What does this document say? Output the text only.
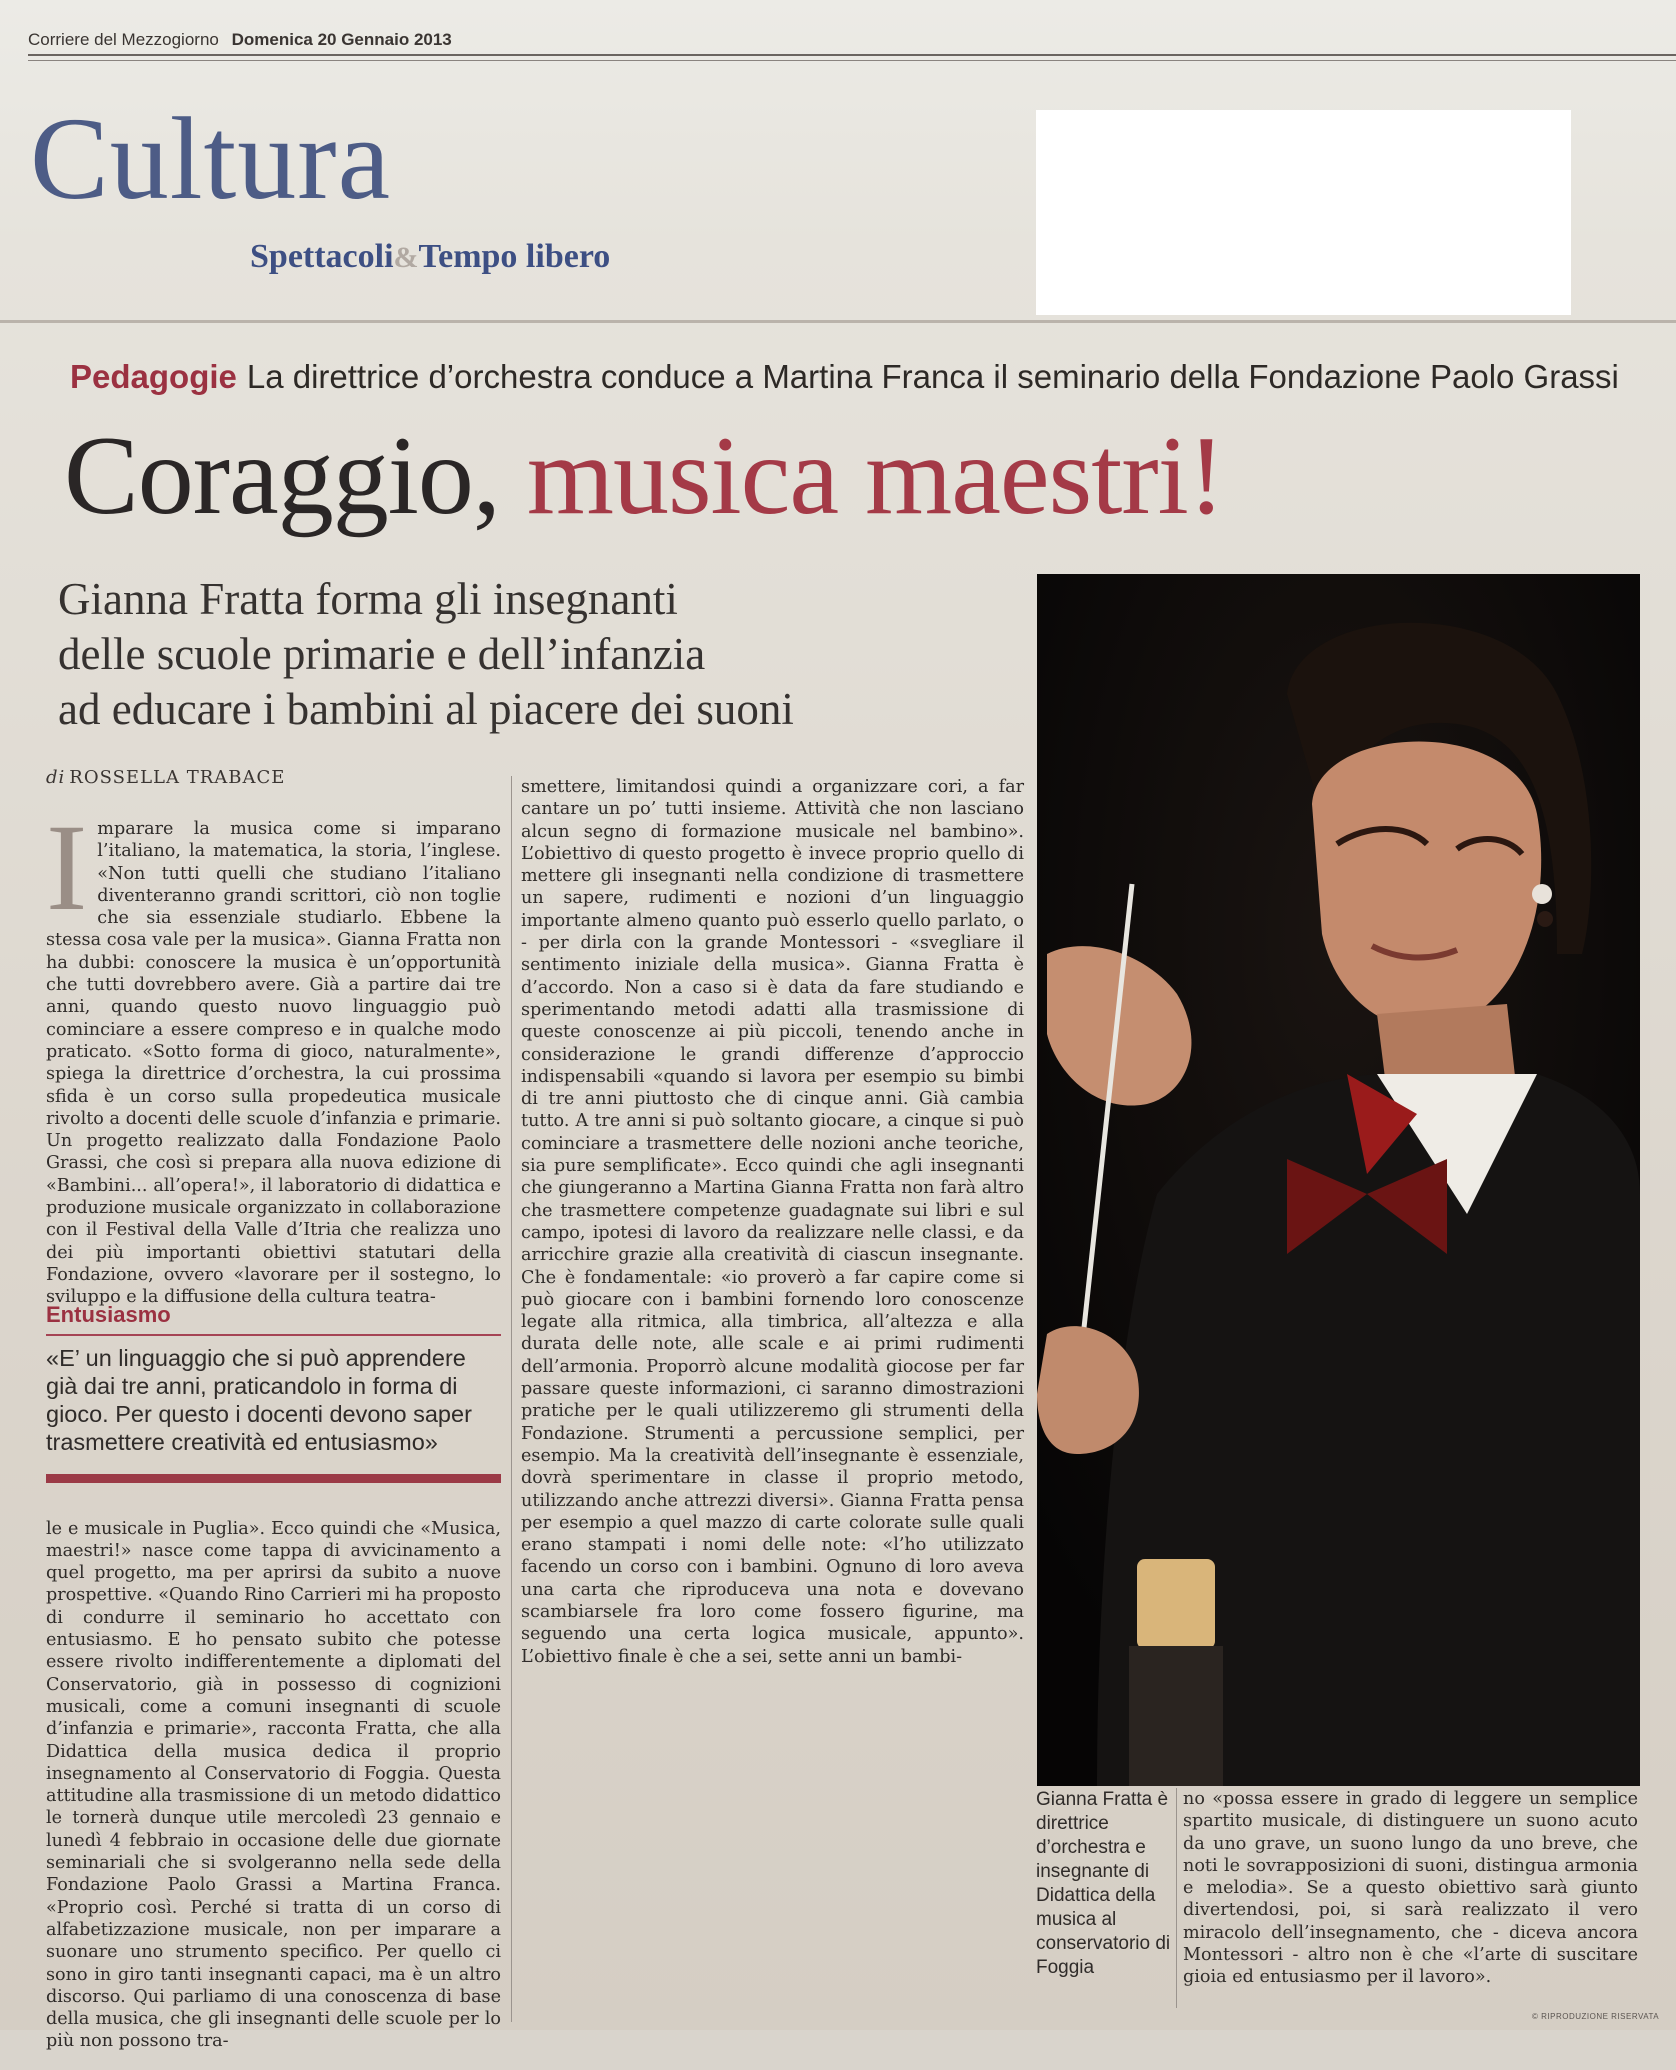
Corriere del Mezzogiorno Domenica 20 Gennaio 2013
Cultura
Spettacoli&Tempo libero
Pedagogie La direttrice d’orchestra conduce a Martina Franca il seminario della Fondazione Paolo Grassi
Coraggio, musica maestri!
Gianna Fratta forma gli insegnanti
delle scuole primarie e dell’infanzia
ad educare i bambini al piacere dei suoni
di ROSSELLA TRABACE
I mparare la musica come si imparano l’italiano, la matematica, la storia, l’inglese. «Non tutti quelli che studiano l’italiano diventeranno grandi scrittori, ciò non toglie che sia essenziale studiarlo. Ebbene la stessa cosa vale per la musica». Gianna Fratta non ha dubbi: conoscere la musica è un’opportunità che tutti dovrebbero avere. Già a partire dai tre anni, quando questo nuovo linguaggio può cominciare a essere compreso e in qualche modo praticato. «Sotto forma di gioco, naturalmente», spiega la direttrice d’orchestra, la cui prossima sfida è un corso sulla propedeutica musicale rivolto a docenti delle scuole d’infanzia e primarie. Un progetto realizzato dalla Fondazione Paolo Grassi, che così si prepara alla nuova edizione di «Bambini... all’opera!», il laboratorio di didattica e produzione musicale organizzato in collaborazione con il Festival della Valle d’Itria che realizza uno dei più importanti obiettivi statutari della Fondazione, ovvero «lavorare per il sostegno, lo sviluppo e la diffusione della cultura teatra-

Entusiasmo
«E’ un linguaggio che si può apprendere già dai tre anni, praticandolo in forma di gioco. Per questo i docenti devono saper trasmettere creatività ed entusiasmo»

le e musicale in Puglia». Ecco quindi che «Musica, maestri!» nasce come tappa di avvicinamento a quel progetto, ma per aprirsi da subito a nuove prospettive. «Quando Rino Carrieri mi ha proposto di condurre il seminario ho accettato con entusiasmo. E ho pensato subito che potesse essere rivolto indifferentemente a diplomati del Conservatorio, già in possesso di cognizioni musicali, come a comuni insegnanti di scuole d’infanzia e primarie», racconta Fratta, che alla Didattica della musica dedica il proprio insegnamento al Conservatorio di Foggia. Questa attitudine alla trasmissione di un metodo didattico le tornerà dunque utile mercoledì 23 gennaio e lunedì 4 febbraio in occasione delle due giornate seminariali che si svolgeranno nella sede della Fondazione Paolo Grassi a Martina Franca. «Proprio così. Perché si tratta di un corso di alfabetizzazione musicale, non per imparare a suonare uno strumento specifico. Per quello ci sono in giro tanti insegnanti capaci, ma è un altro discorso. Qui parliamo di una conoscenza di base della musica, che gli insegnanti delle scuole per lo più non possono tra-

smettere, limitandosi quindi a organizzare cori, a far cantare un po’ tutti insieme. Attività che non lasciano alcun segno di formazione musicale nel bambino». L’obiettivo di questo progetto è invece proprio quello di mettere gli insegnanti nella condizione di trasmettere un sapere, rudimenti e nozioni d’un linguaggio importante almeno quanto può esserlo quello parlato, o - per dirla con la grande Montessori - «svegliare il sentimento iniziale della musica». Gianna Fratta è d’accordo. Non a caso si è data da fare studiando e sperimentando metodi adatti alla trasmissione di queste conoscenze ai più piccoli, tenendo anche in considerazione le grandi differenze d’approccio indispensabili «quando si lavora per esempio su bimbi di tre anni piuttosto che di cinque anni. Già cambia tutto. A tre anni si può soltanto giocare, a cinque si può cominciare a trasmettere delle nozioni anche teoriche, sia pure semplificate». Ecco quindi che agli insegnanti che giungeranno a Martina Gianna Fratta non farà altro che trasmettere competenze guadagnate sui libri e sul campo, ipotesi di lavoro da realizzare nelle classi, e da arricchire grazie alla creatività di ciascun insegnante. Che è fondamentale: «io proverò a far capire come si può giocare con i bambini fornendo loro conoscenze legate alla ritmica, alla timbrica, all’altezza e alla durata delle note, alle scale e ai primi rudimenti dell’armonia. Proporrò alcune modalità giocose per far passare queste informazioni, ci saranno dimostrazioni pratiche per le quali utilizzeremo gli strumenti della Fondazione. Strumenti a percussione semplici, per esempio. Ma la creatività dell’insegnante è essenziale, dovrà sperimentare in classe il proprio metodo, utilizzando anche attrezzi diversi». Gianna Fratta pensa per esempio a quel mazzo di carte colorate sulle quali erano stampati i nomi delle note: «l’ho utilizzato facendo un corso con i bambini. Ognuno di loro aveva una carta che riproduceva una nota e dovevano scambiarsele fra loro come fossero figurine, ma seguendo una certa logica musicale, appunto». L’obiettivo finale è che a sei, sette anni un bambi-

Gianna Fratta è direttrice d’orchestra e insegnante di Didattica della musica al conservatorio di Foggia

no «possa essere in grado di leggere un semplice spartito musicale, di distinguere un suono acuto da uno grave, un suono lungo da uno breve, che noti le sovrapposizioni di suoni, distingua armonia e melodia». Se a questo obiettivo sarà giunto divertendosi, poi, si sarà realizzato il vero miracolo dell’insegnamento, che - diceva ancora Montessori - altro non è che «l’arte di suscitare gioia ed entusiasmo per il lavoro».

© RIPRODUZIONE RISERVATA
